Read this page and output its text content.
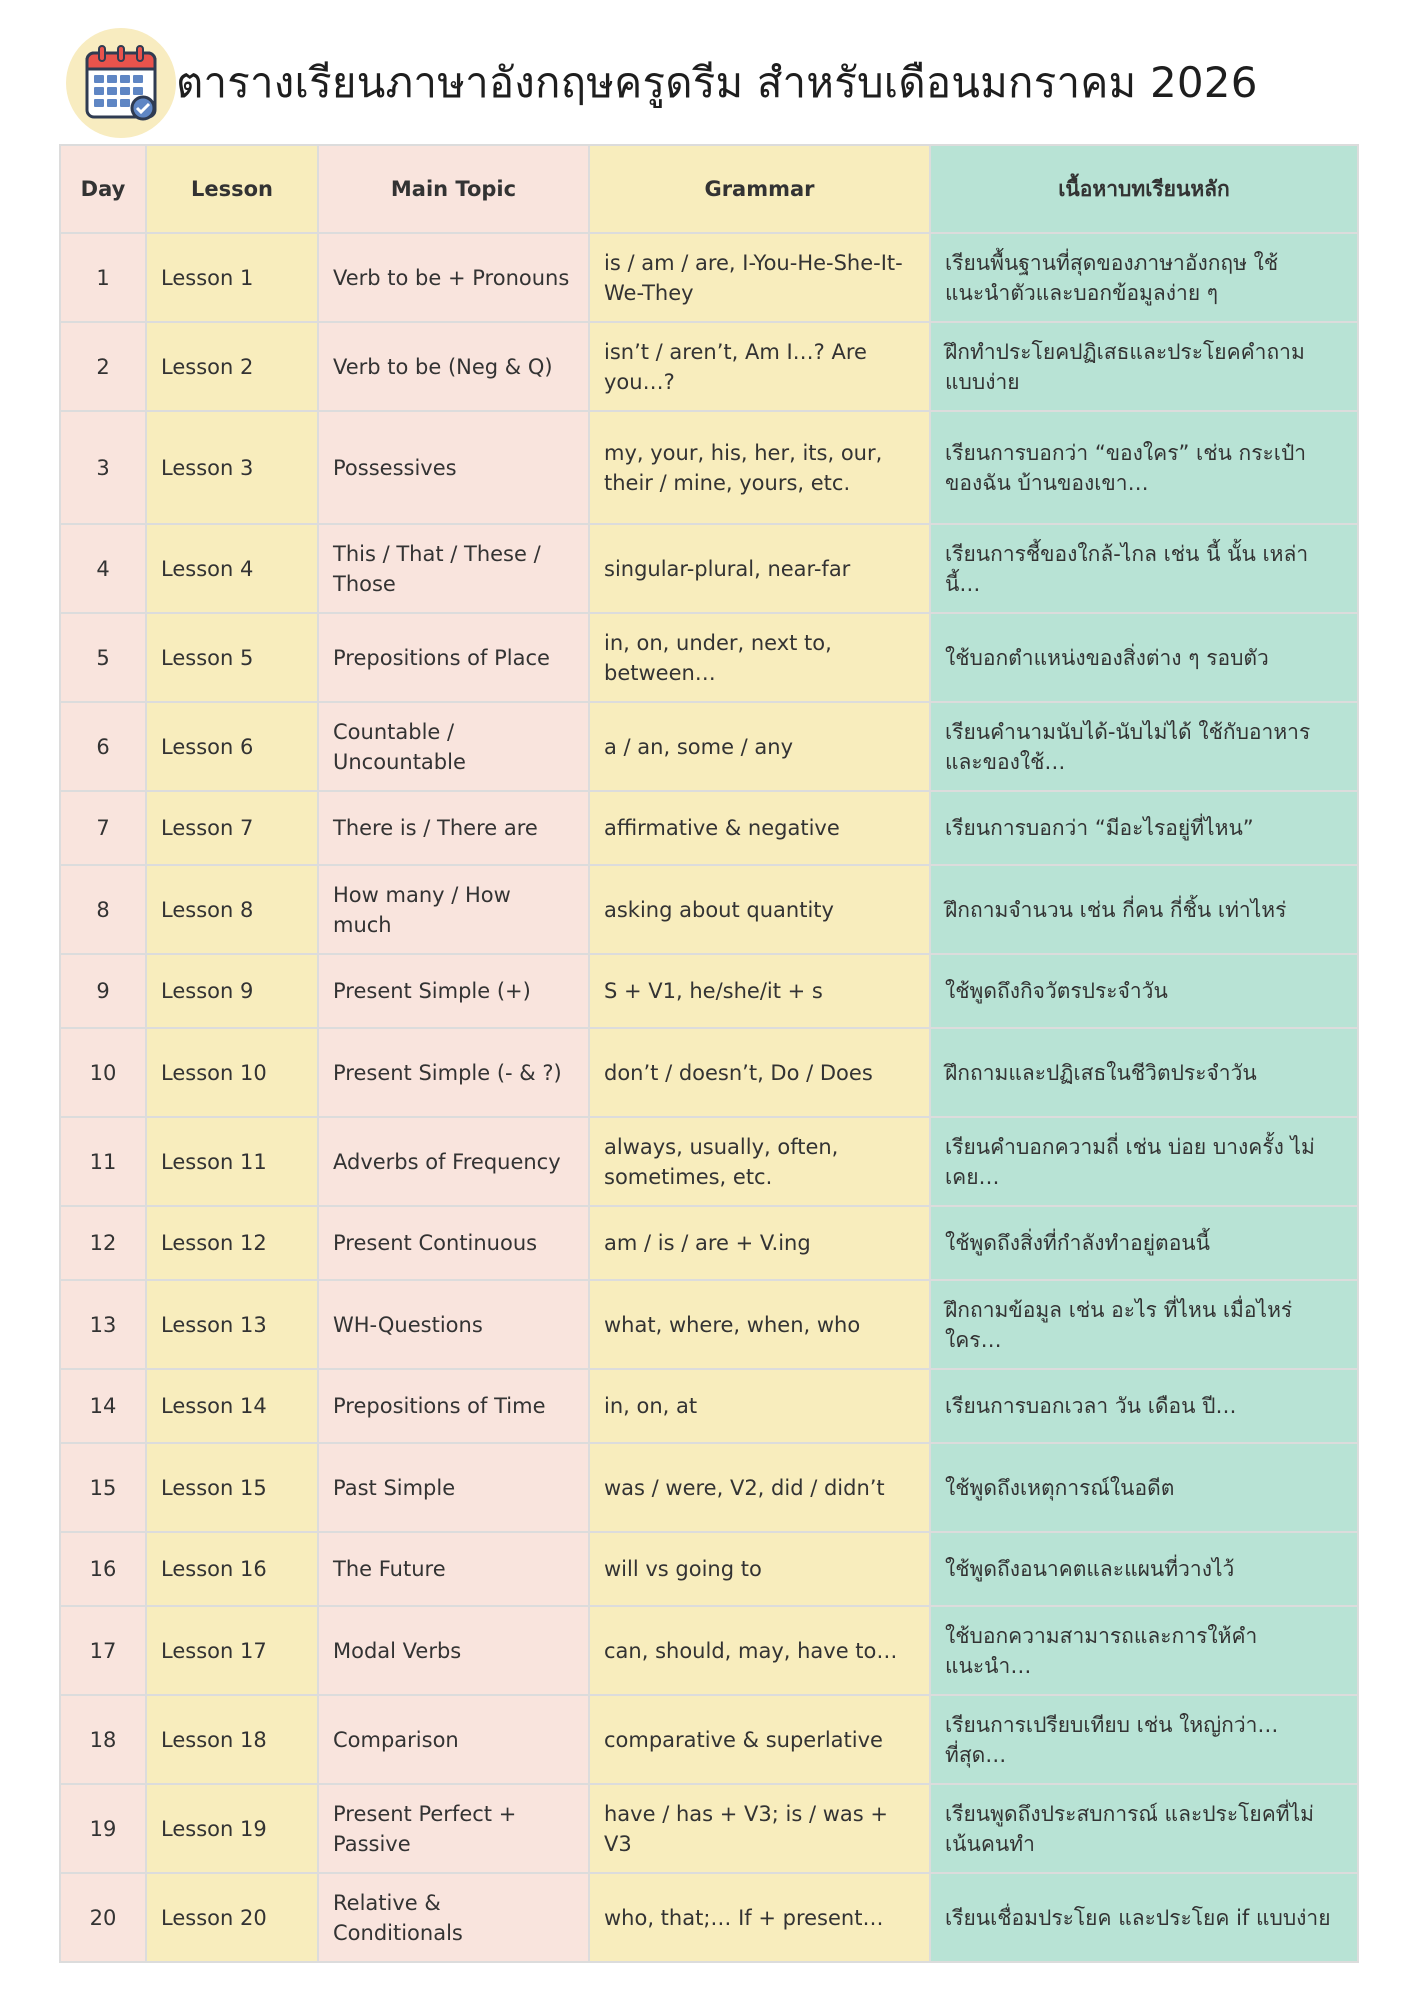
ตารางเรียนภาษาอังกฤษครูดรีม สำหรับเดือนมกราคม 2026
Day	Lesson	Main Topic	Grammar	เนื้อหาบทเรียนหลัก
1	Lesson 1	Verb to be + Pronouns	is / am / are, I-You-He-She-It-We-They	เรียนพื้นฐานที่สุดของภาษาอังกฤษ ใช้แนะนำตัวและบอกข้อมูลง่าย ๆ
2	Lesson 2	Verb to be (Neg & Q)	isn’t / aren’t, Am I…? Are you…?	ฝึกทำประโยคปฏิเสธและประโยคคำถามแบบง่าย
3	Lesson 3	Possessives	my, your, his, her, its, our, their / mine, yours, etc.	เรียนการบอกว่า “ของใคร” เช่น กระเป๋าของฉัน บ้านของเขา…
4	Lesson 4	This / That / These / Those	singular-plural, near-far	เรียนการชี้ของใกล้-ไกล เช่น นี้ นั้น เหล่านี้…
5	Lesson 5	Prepositions of Place	in, on, under, next to, between…	ใช้บอกตำแหน่งของสิ่งต่าง ๆ รอบตัว
6	Lesson 6	Countable / Uncountable	a / an, some / any	เรียนคำนามนับได้-นับไม่ได้ ใช้กับอาหารและของใช้…
7	Lesson 7	There is / There are	affirmative & negative	เรียนการบอกว่า “มีอะไรอยู่ที่ไหน”
8	Lesson 8	How many / How much	asking about quantity	ฝึกถามจำนวน เช่น กี่คน กี่ชิ้น เท่าไหร่
9	Lesson 9	Present Simple (+)	S + V1, he/she/it + s	ใช้พูดถึงกิจวัตรประจำวัน
10	Lesson 10	Present Simple (- & ?)	don’t / doesn’t, Do / Does	ฝึกถามและปฏิเสธในชีวิตประจำวัน
11	Lesson 11	Adverbs of Frequency	always, usually, often, sometimes, etc.	เรียนคำบอกความถี่ เช่น บ่อย บางครั้ง ไม่เคย…
12	Lesson 12	Present Continuous	am / is / are + V.ing	ใช้พูดถึงสิ่งที่กำลังทำอยู่ตอนนี้
13	Lesson 13	WH-Questions	what, where, when, who	ฝึกถามข้อมูล เช่น อะไร ที่ไหน เมื่อไหร่ ใคร…
14	Lesson 14	Prepositions of Time	in, on, at	เรียนการบอกเวลา วัน เดือน ปี…
15	Lesson 15	Past Simple	was / were, V2, did / didn’t	ใช้พูดถึงเหตุการณ์ในอดีต
16	Lesson 16	The Future	will vs going to	ใช้พูดถึงอนาคตและแผนที่วางไว้
17	Lesson 17	Modal Verbs	can, should, may, have to…	ใช้บอกความสามารถและการให้คำแนะนำ…
18	Lesson 18	Comparison	comparative & superlative	เรียนการเปรียบเทียบ เช่น ใหญ่กว่า… ที่สุด…
19	Lesson 19	Present Perfect + Passive	have / has + V3; is / was + V3	เรียนพูดถึงประสบการณ์ และประโยคที่ไม่เน้นคนทำ
20	Lesson 20	Relative & Conditionals	who, that;… If + present…	เรียนเชื่อมประโยค และประโยค if แบบง่าย
